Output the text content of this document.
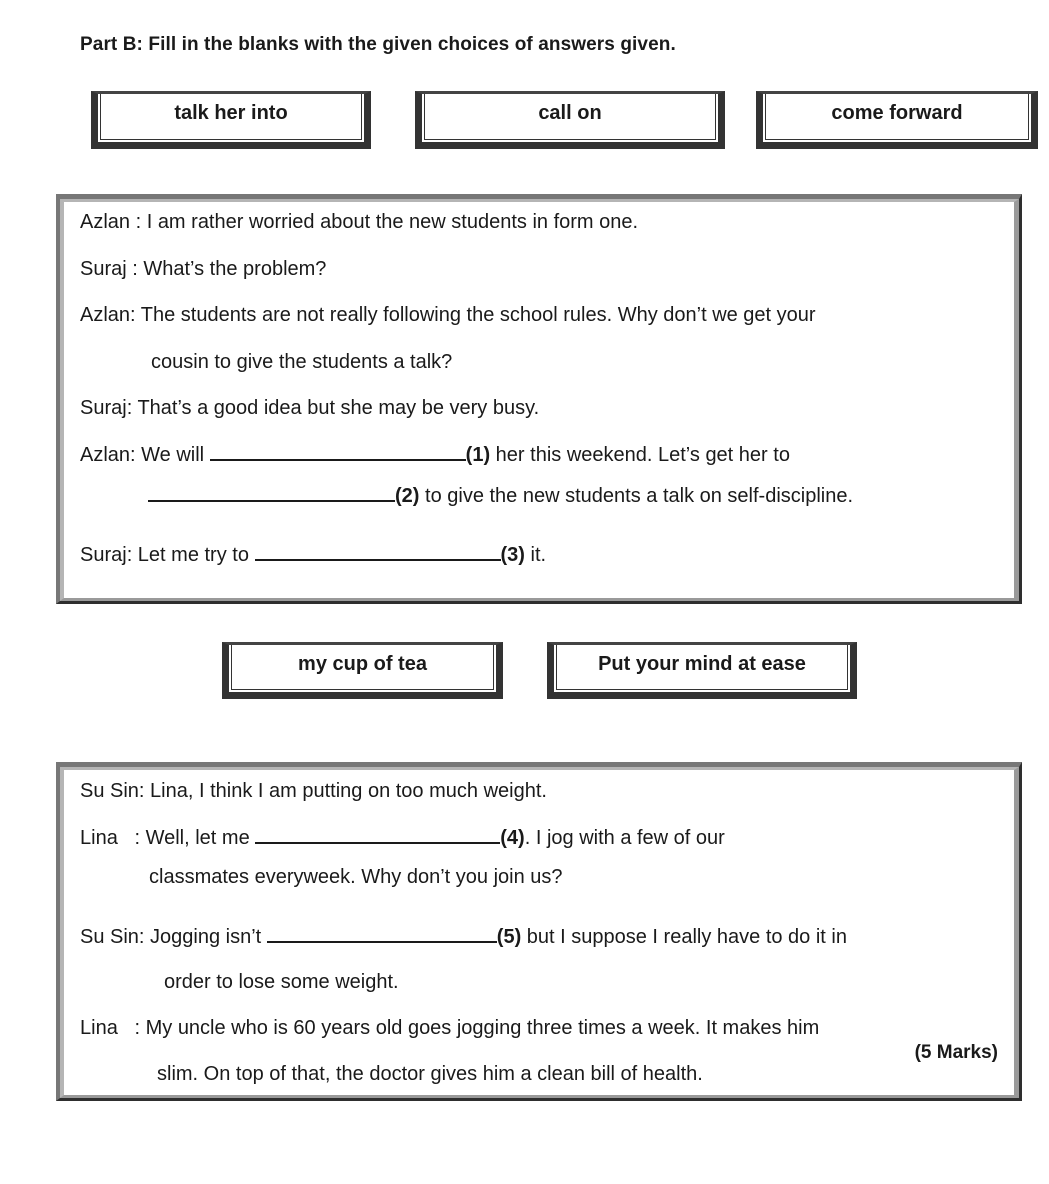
Part B: Fill in the blanks with the given choices of answers given.
talk her into	call on	come forward
Azlan : I am rather worried about the new students in form one.
Suraj : What’s the problem?
Azlan: The students are not really following the school rules. Why don’t we get your
cousin to give the students a talk?
Suraj: That’s a good idea but she may be very busy.
Azlan: We will	(1) her this weekend. Let’s get her to
(2) to give the new students a talk on self-discipline.
Suraj: Let me try to	(3) it.
my cup of tea	Put your mind at ease
Su Sin: Lina, I think I am putting on too much weight.
Lina   : Well, let me	(4). I jog with a few of our
classmates everyweek. Why don’t you join us?
Su Sin: Jogging isn’t	(5) but I suppose I really have to do it in
order to lose some weight.
Lina   : My uncle who is 60 years old goes jogging three times a week. It makes him
slim. On top of that, the doctor gives him a clean bill of health.
(5 Marks)
